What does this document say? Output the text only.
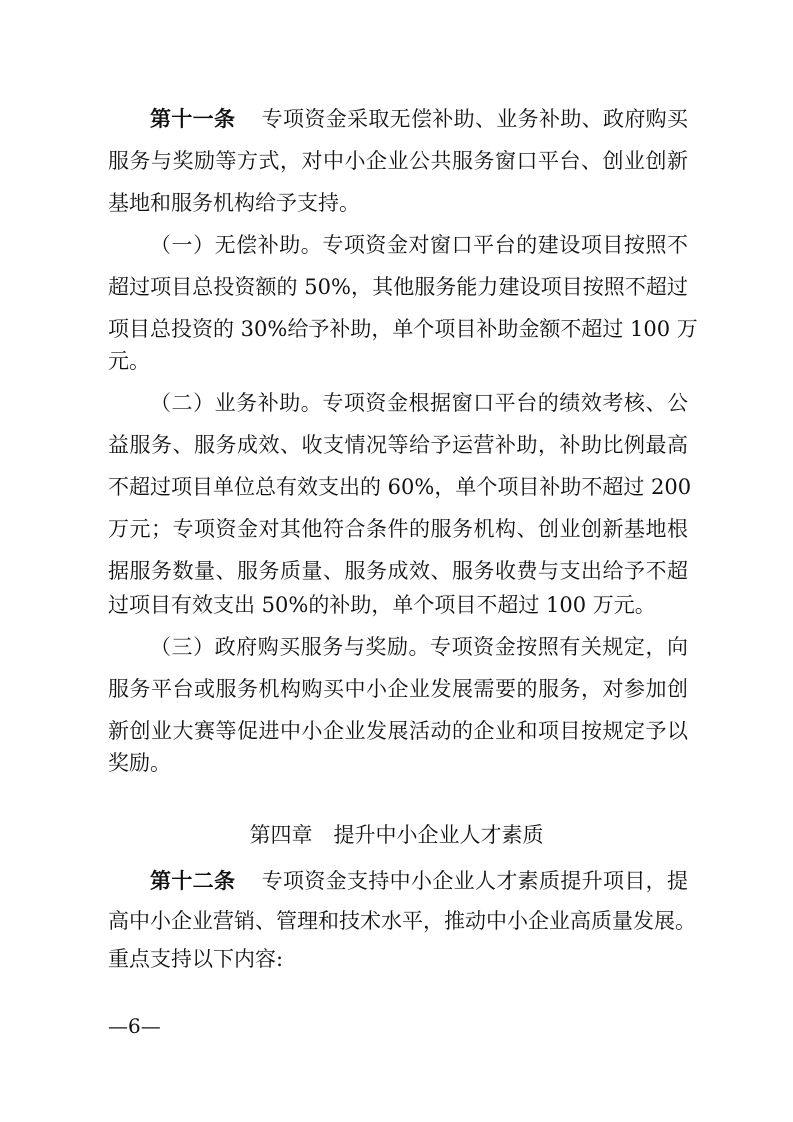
第十一条 专项资金采取无偿补助、业务补助、政府购买
服务与奖励等方式，对中小企业公共服务窗口平台、创业创新
基地和服务机构给予支持。
（一）无偿补助。专项资金对窗口平台的建设项目按照不
超过项目总投资额的 50%，其他服务能力建设项目按照不超过
项目总投资的 30%给予补助，单个项目补助金额不超过 100 万
元。
（二）业务补助。专项资金根据窗口平台的绩效考核、公
益服务、服务成效、收支情况等给予运营补助，补助比例最高
不超过项目单位总有效支出的 60%，单个项目补助不超过 200
万元；专项资金对其他符合条件的服务机构、创业创新基地根
据服务数量、服务质量、服务成效、服务收费与支出给予不超
过项目有效支出 50%的补助，单个项目不超过 100 万元。
（三）政府购买服务与奖励。专项资金按照有关规定，向
服务平台或服务机构购买中小企业发展需要的服务，对参加创
新创业大赛等促进中小企业发展活动的企业和项目按规定予以
奖励。
第四章　提升中小企业人才素质
第十二条 专项资金支持中小企业人才素质提升项目，提
高中小企业营销、管理和技术水平，推动中小企业高质量发展。
重点支持以下内容:
—6—
